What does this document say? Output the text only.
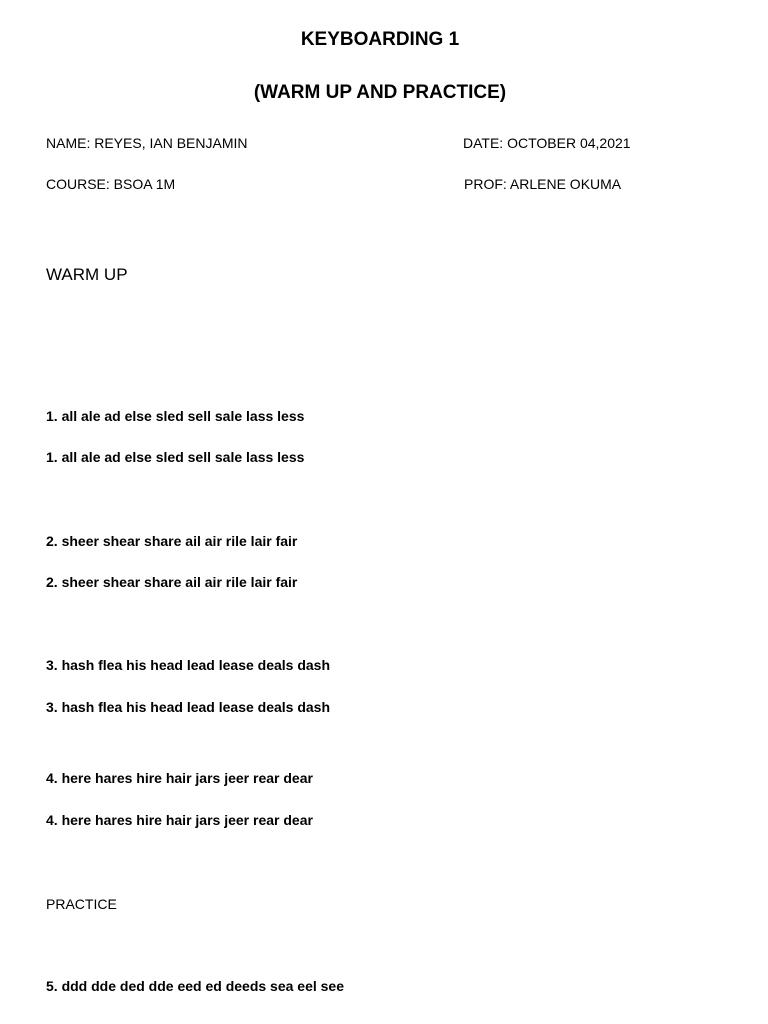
KEYBOARDING 1
(WARM UP AND PRACTICE)
NAME: REYES, IAN BENJAMIN	DATE: OCTOBER 04,2021
COURSE: BSOA 1M	PROF: ARLENE OKUMA
WARM UP
1. all ale ad else sled sell sale lass less
1. all ale ad else sled sell sale lass less
2. sheer shear share ail air rile lair fair
2. sheer shear share ail air rile lair fair
3. hash flea his head lead lease deals dash
3. hash flea his head lead lease deals dash
4. here hares hire hair jars jeer rear dear
4. here hares hire hair jars jeer rear dear
PRACTICE
5. ddd dde ded dde eed ed deeds sea eel see
